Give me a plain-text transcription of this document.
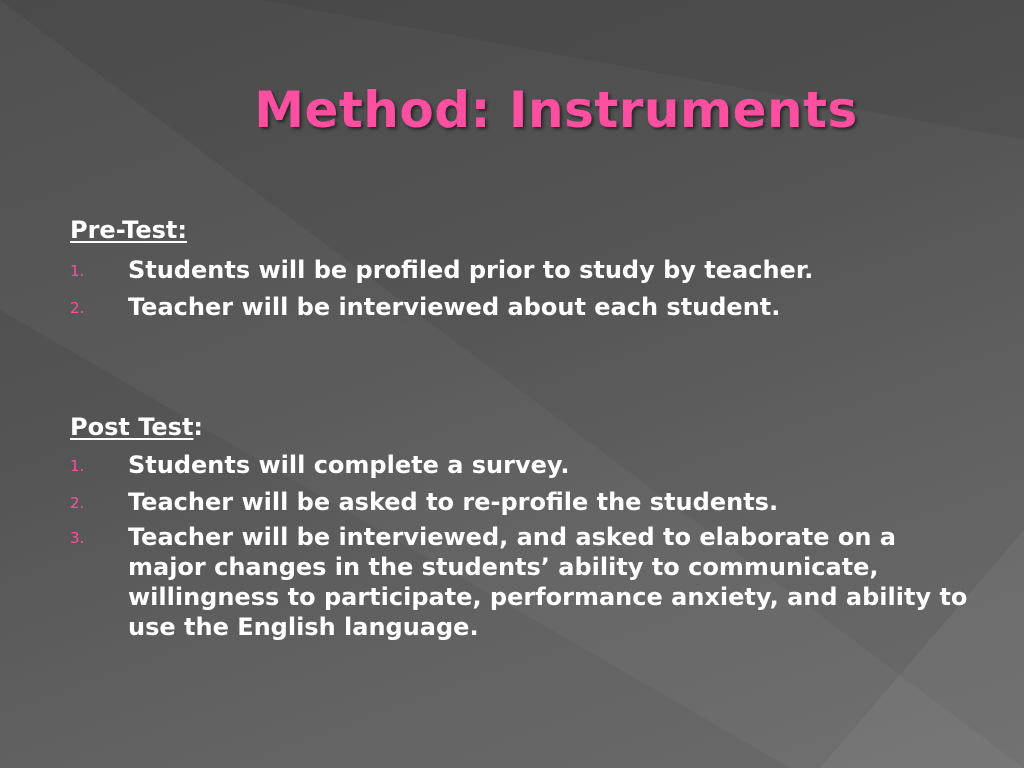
Method: Instruments

Pre-Test:

1. Students will be profiled prior to study by teacher.
2. Teacher will be interviewed about each student.

Post Test:

1. Students will complete a survey.
2. Teacher will be asked to re-profile the students.
3. Teacher will be interviewed, and asked to elaborate on a major changes in the students’ ability to communicate, willingness to participate, performance anxiety, and ability to use the English language.
